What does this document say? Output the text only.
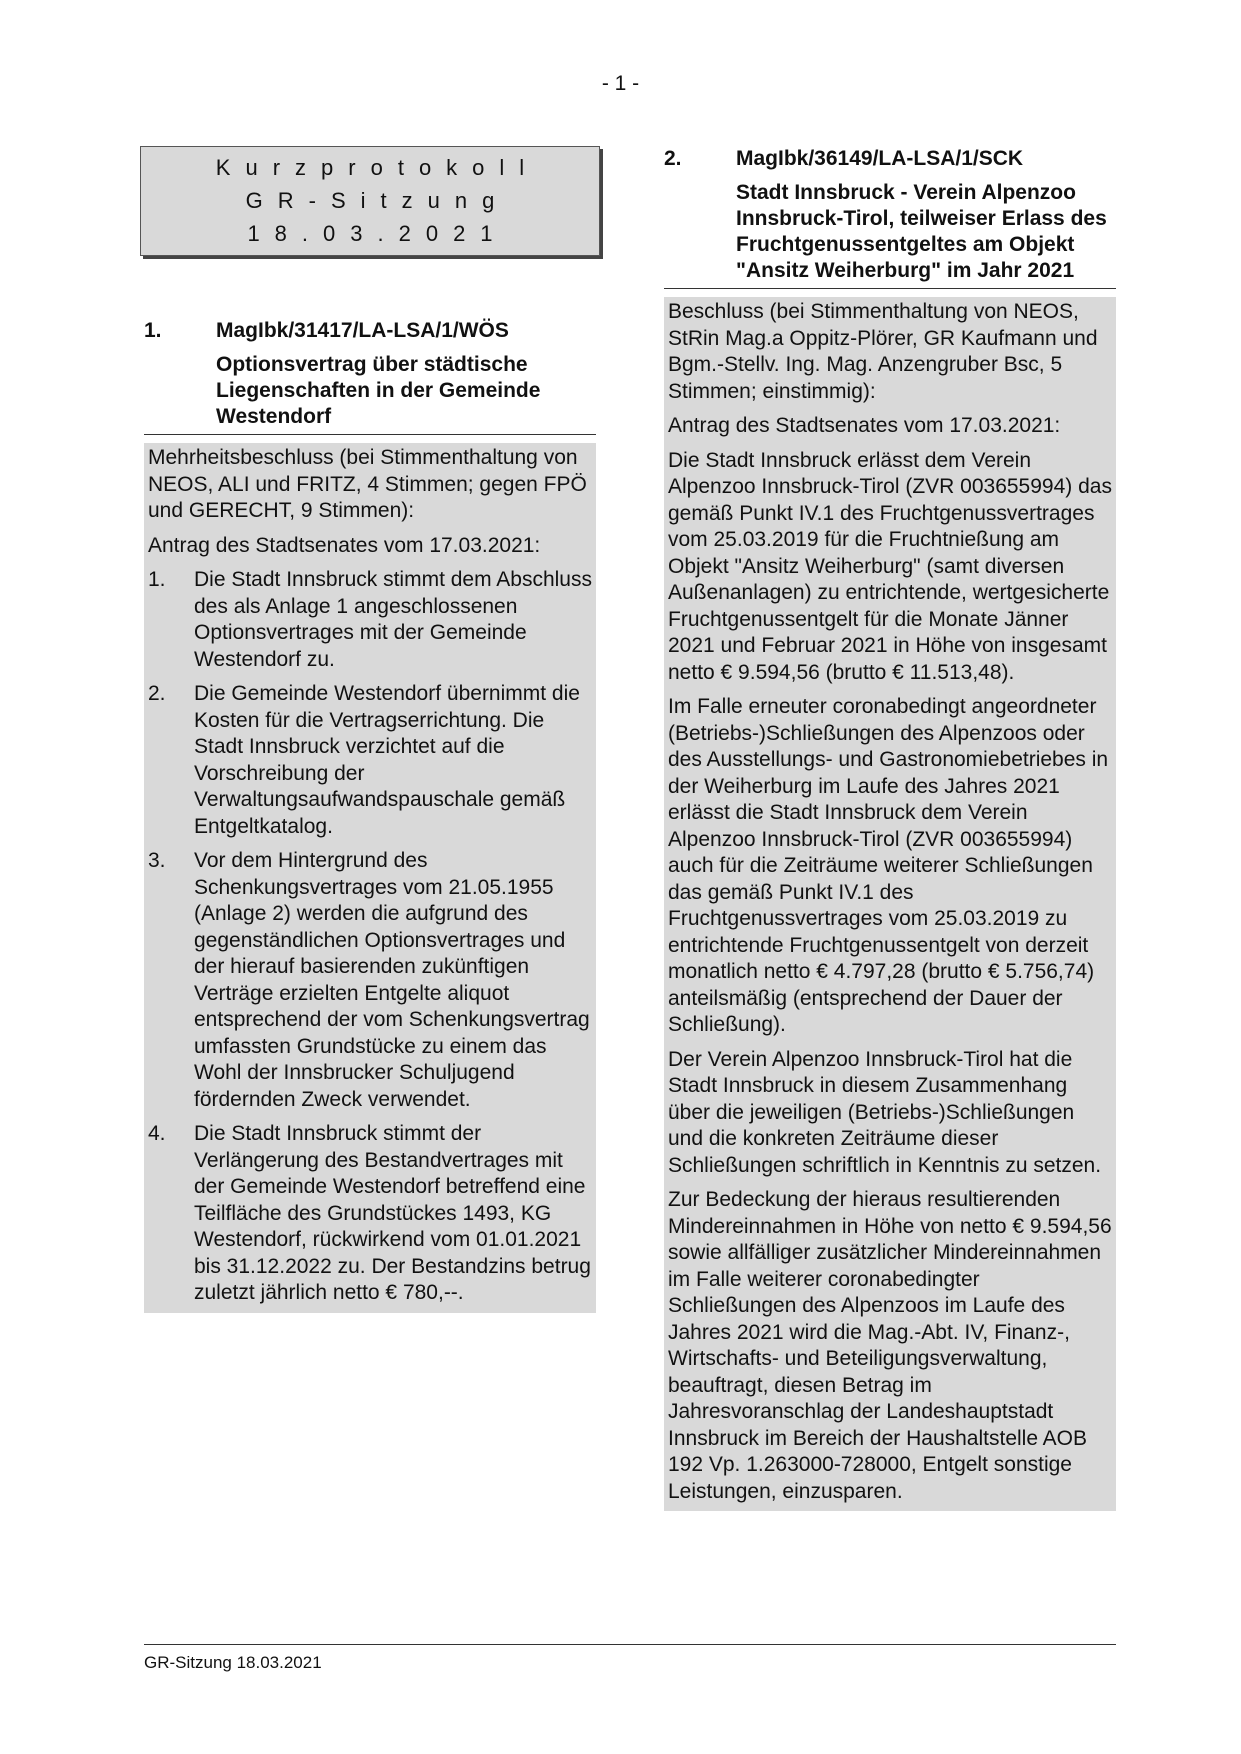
- 1 -
Kurzprotokoll
GR-Sitzung
18.03.2021
1.	MagIbk/31417/LA-LSA/1/WÖS
Optionsvertrag über städtische Liegenschaften in der Gemeinde Westendorf

Mehrheitsbeschluss (bei Stimmenthaltung von NEOS, ALI und FRITZ, 4 Stimmen; gegen FPÖ und GERECHT, 9 Stimmen):

Antrag des Stadtsenates vom 17.03.2021:

1.	Die Stadt Innsbruck stimmt dem Abschluss des als Anlage 1 angeschlossenen Optionsvertrages mit der Gemeinde Westendorf zu.
2.	Die Gemeinde Westendorf übernimmt die Kosten für die Vertragserrichtung. Die Stadt Innsbruck verzichtet auf die Vorschreibung der Verwaltungsaufwandspauschale gemäß Entgeltkatalog.
3.	Vor dem Hintergrund des Schenkungsvertrages vom 21.05.1955 (Anlage 2) werden die aufgrund des gegenständlichen Optionsvertrages und der hierauf basierenden zukünftigen Verträge erzielten Entgelte aliquot entsprechend der vom Schenkungsvertrag umfassten Grundstücke zu einem das Wohl der Innsbrucker Schuljugend fördernden Zweck verwendet.
4.	Die Stadt Innsbruck stimmt der Verlängerung des Bestandvertrages mit der Gemeinde Westendorf betreffend eine Teilfläche des Grundstückes 1493, KG Westendorf, rückwirkend vom 01.01.2021 bis 31.12.2022 zu. Der Bestandzins betrug zuletzt jährlich netto € 780,--.
2.	MagIbk/36149/LA-LSA/1/SCK
Stadt Innsbruck - Verein Alpenzoo Innsbruck-Tirol, teilweiser Erlass des Fruchtgenussentgeltes am Objekt "Ansitz Weiherburg" im Jahr 2021

Beschluss (bei Stimmenthaltung von NEOS, StRin Mag.a Oppitz-Plörer, GR Kaufmann und Bgm.-Stellv. Ing. Mag. Anzengruber Bsc, 5 Stimmen; einstimmig):

Antrag des Stadtsenates vom 17.03.2021:

Die Stadt Innsbruck erlässt dem Verein Alpenzoo Innsbruck-Tirol (ZVR 003655994) das gemäß Punkt IV.1 des Fruchtgenussvertrages vom 25.03.2019 für die Fruchtnießung am Objekt "Ansitz Weiherburg" (samt diversen Außenanlagen) zu entrichtende, wertgesicherte Fruchtgenussentgelt für die Monate Jänner 2021 und Februar 2021 in Höhe von insgesamt netto € 9.594,56 (brutto € 11.513,48).

Im Falle erneuter coronabedingt angeordneter (Betriebs-)Schließungen des Alpenzoos oder des Ausstellungs- und Gastronomiebetriebes in der Weiherburg im Laufe des Jahres 2021 erlässt die Stadt Innsbruck dem Verein Alpenzoo Innsbruck-Tirol (ZVR 003655994) auch für die Zeiträume weiterer Schließungen das gemäß Punkt IV.1 des Fruchtgenussvertrages vom 25.03.2019 zu entrichtende Fruchtgenussentgelt von derzeit monatlich netto € 4.797,28 (brutto € 5.756,74) anteilsmäßig (entsprechend der Dauer der Schließung).

Der Verein Alpenzoo Innsbruck-Tirol hat die Stadt Innsbruck in diesem Zusammenhang über die jeweiligen (Betriebs-)Schließungen und die konkreten Zeiträume dieser Schließungen schriftlich in Kenntnis zu setzen.

Zur Bedeckung der hieraus resultierenden Mindereinnahmen in Höhe von netto € 9.594,56 sowie allfälliger zusätzlicher Mindereinnahmen im Falle weiterer coronabedingter Schließungen des Alpenzoos im Laufe des Jahres 2021 wird die Mag.-Abt. IV, Finanz-, Wirtschafts- und Beteiligungsverwaltung, beauftragt, diesen Betrag im Jahresvoranschlag der Landeshauptstadt Innsbruck im Bereich der Haushaltstelle AOB 192 Vp. 1.263000-728000, Entgelt sonstige Leistungen, einzusparen.

GR-Sitzung 18.03.2021
